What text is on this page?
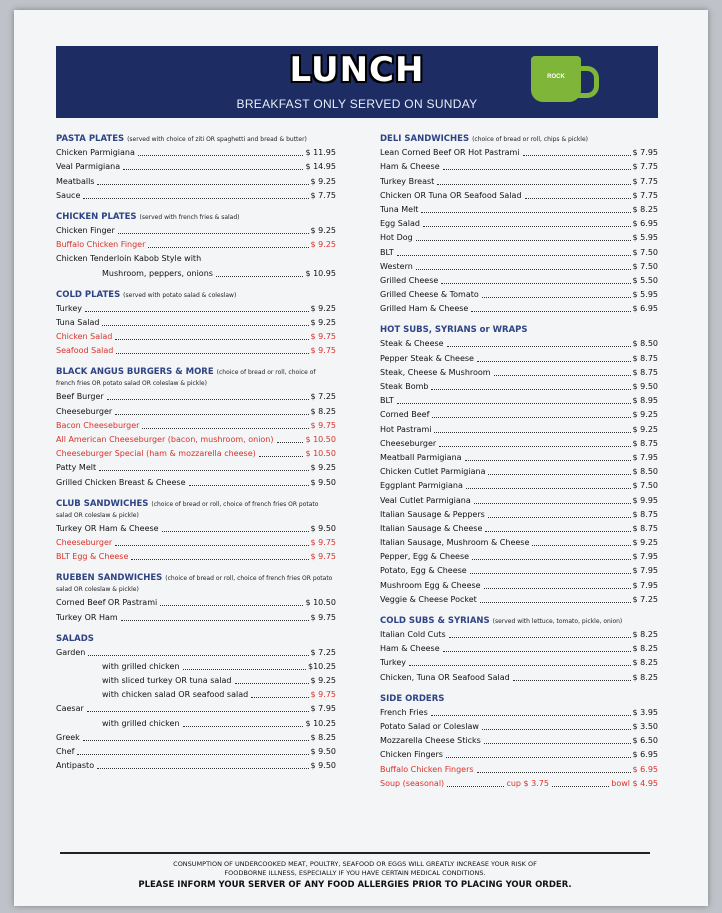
LUNCH
BREAKFAST ONLY SERVED ON SUNDAY
ROCK
PASTA PLATES (served with choice of ziti OR spaghetti and bread & butter)
Chicken Parmigiana	$ 11.95
Veal Parmigiana	$ 14.95
Meatballs	$ 9.25
Sauce	$ 7.75
CHICKEN PLATES (served with french fries & salad)
Chicken Finger	$ 9.25
Buffalo Chicken Finger	$ 9.25
Chicken Tenderloin Kabob Style with
Mushroom, peppers, onions	$ 10.95
COLD PLATES (served with potato salad & coleslaw)
Turkey	$ 9.25
Tuna Salad	$ 9.25
Chicken Salad	$ 9.75
Seafood Salad	$ 9.75
BLACK ANGUS BURGERS & MORE (choice of bread or roll, choice of french fries OR potato salad OR coleslaw & pickle)
Beef Burger	$ 7.25
Cheeseburger	$ 8.25
Bacon Cheeseburger	$ 9.75
All American Cheeseburger (bacon, mushroom, onion)	$ 10.50
Cheeseburger Special (ham & mozzarella cheese)	$ 10.50
Patty Melt	$ 9.25
Grilled Chicken Breast & Cheese	$ 9.50
CLUB SANDWICHES (choice of bread or roll, choice of french fries OR potato salad OR coleslaw & pickle)
Turkey OR Ham & Cheese	$ 9.50
Cheeseburger	$ 9.75
BLT Egg & Cheese	$ 9.75
RUEBEN SANDWICHES (choice of bread or roll, choice of french fries OR potato salad OR coleslaw & pickle)
Corned Beef OR Pastrami	$ 10.50
Turkey OR Ham	$ 9.75
SALADS
Garden	$ 7.25
with grilled chicken	$10.25
with sliced turkey OR tuna salad	$ 9.25
with chicken salad OR seafood salad	$ 9.75
Caesar	$ 7.95
with grilled chicken	$ 10.25
Greek	$ 8.25
Chef	$ 9.50
Antipasto	$ 9.50
DELI SANDWICHES (choice of bread or roll, chips & pickle)
Lean Corned Beef OR Hot Pastrami	$ 7.95
Ham & Cheese	$ 7.75
Turkey Breast	$ 7.75
Chicken OR Tuna OR Seafood Salad	$ 7.75
Tuna Melt	$ 8.25
Egg Salad	$ 6.95
Hot Dog	$ 5.95
BLT	$ 7.50
Western	$ 7.50
Grilled Cheese	$ 5.50
Grilled Cheese & Tomato	$ 5.95
Grilled Ham & Cheese	$ 6.95
HOT SUBS, SYRIANS or WRAPS
Steak & Cheese	$ 8.50
Pepper Steak & Cheese	$ 8.75
Steak, Cheese & Mushroom	$ 8.75
Steak Bomb	$ 9.50
BLT	$ 8.95
Corned Beef	$ 9.25
Hot Pastrami	$ 9.25
Cheeseburger	$ 8.75
Meatball Parmigiana	$ 7.95
Chicken Cutlet Parmigiana	$ 8.50
Eggplant Parmigiana	$ 7.50
Veal Cutlet Parmigiana	$ 9.95
Italian Sausage & Peppers	$ 8.75
Italian Sausage & Cheese	$ 8.75
Italian Sausage, Mushroom & Cheese	$ 9.25
Pepper, Egg & Cheese	$ 7.95
Potato, Egg & Cheese	$ 7.95
Mushroom Egg & Cheese	$ 7.95
Veggie & Cheese Pocket	$ 7.25
COLD SUBS & SYRIANS (served with lettuce, tomato, pickle, onion)
Italian Cold Cuts	$ 8.25
Ham & Cheese	$ 8.25
Turkey	$ 8.25
Chicken, Tuna OR Seafood Salad	$ 8.25
SIDE ORDERS
French Fries	$ 3.95
Potato Salad or Coleslaw	$ 3.50
Mozzarella Cheese Sticks	$ 6.50
Chicken Fingers	$ 6.95
Buffalo Chicken Fingers	$ 6.95
Soup (seasonal)	cup $ 3.75	bowl $ 4.95
CONSUMPTION OF UNDERCOOKED MEAT, POULTRY, SEAFOOD OR EGGS WILL GREATLY INCREASE YOUR RISK OF
FOODBORNE ILLNESS, ESPECIALLY IF YOU HAVE CERTAIN MEDICAL CONDITIONS.
PLEASE INFORM YOUR SERVER OF ANY FOOD ALLERGIES PRIOR TO PLACING YOUR ORDER.
